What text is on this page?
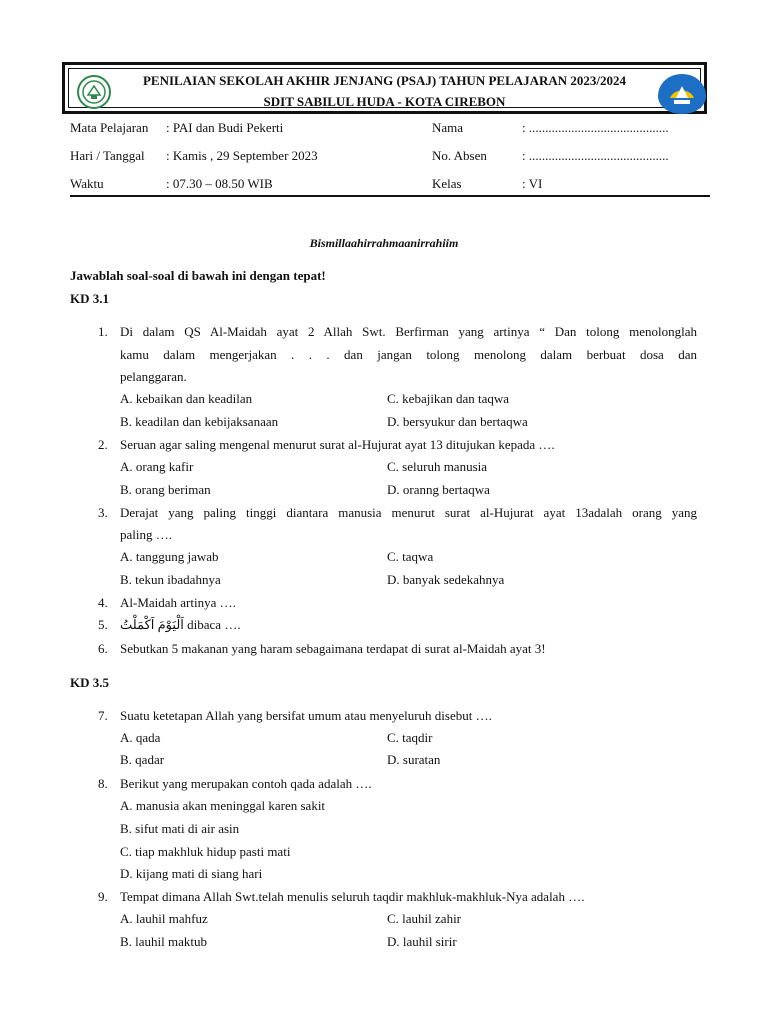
PENILAIAN SEKOLAH AKHIR JENJANG (PSAJ) TAHUN PELAJARAN 2023/2024
SDIT SABILUL HUDA - KOTA CIREBON
Mata Pelajaran : PAI dan Budi Pekerti	Nama	: ...........................................
Hari / Tanggal : Kamis , 29 September 2023	No. Absen	: ...........................................
Waktu	: 07.30 – 08.50 WIB	Kelas	: VI
Bismillaahirrahmaanirrahiim
Jawablah soal-soal di bawah ini dengan tepat!
KD 3.1
1. Di dalam QS Al-Maidah ayat 2 Allah Swt. Berfirman yang artinya “ Dan tolong menolonglah
kamu dalam mengerjakan . . . dan jangan tolong menolong dalam berbuat dosa dan
pelanggaran.
A. kebaikan dan keadilan	C. kebajikan dan taqwa
B. keadilan dan kebijaksanaan	D. bersyukur dan bertaqwa
2. Seruan agar saling mengenal menurut surat al-Hujurat ayat 13 ditujukan kepada ….
A. orang kafir	C. seluruh manusia
B. orang beriman	D. oranng bertaqwa
3. Derajat yang paling tinggi diantara manusia menurut surat al-Hujurat ayat 13adalah orang yang
paling ….
A. tanggung jawab	C. taqwa
B. tekun ibadahnya	D. banyak sedekahnya
4. Al-Maidah artinya ….
5. اَلْيَوْمَ اَكْمَلْتُ dibaca ….
6. Sebutkan 5 makanan yang haram sebagaimana terdapat di surat al-Maidah ayat 3!
KD 3.5
7. Suatu ketetapan Allah yang bersifat umum atau menyeluruh disebut ….
A. qada	C. taqdir
B. qadar	D. suratan
8. Berikut yang merupakan contoh qada adalah ….
A. manusia akan meninggal karen sakit
B. sifut mati di air asin
C. tiap makhluk hidup pasti mati
D. kijang mati di siang hari
9. Tempat dimana Allah Swt.telah menulis seluruh taqdir makhluk-makhluk-Nya adalah ….
A. lauhil mahfuz	C. lauhil zahir
B. lauhil maktub	D. lauhil sirir
